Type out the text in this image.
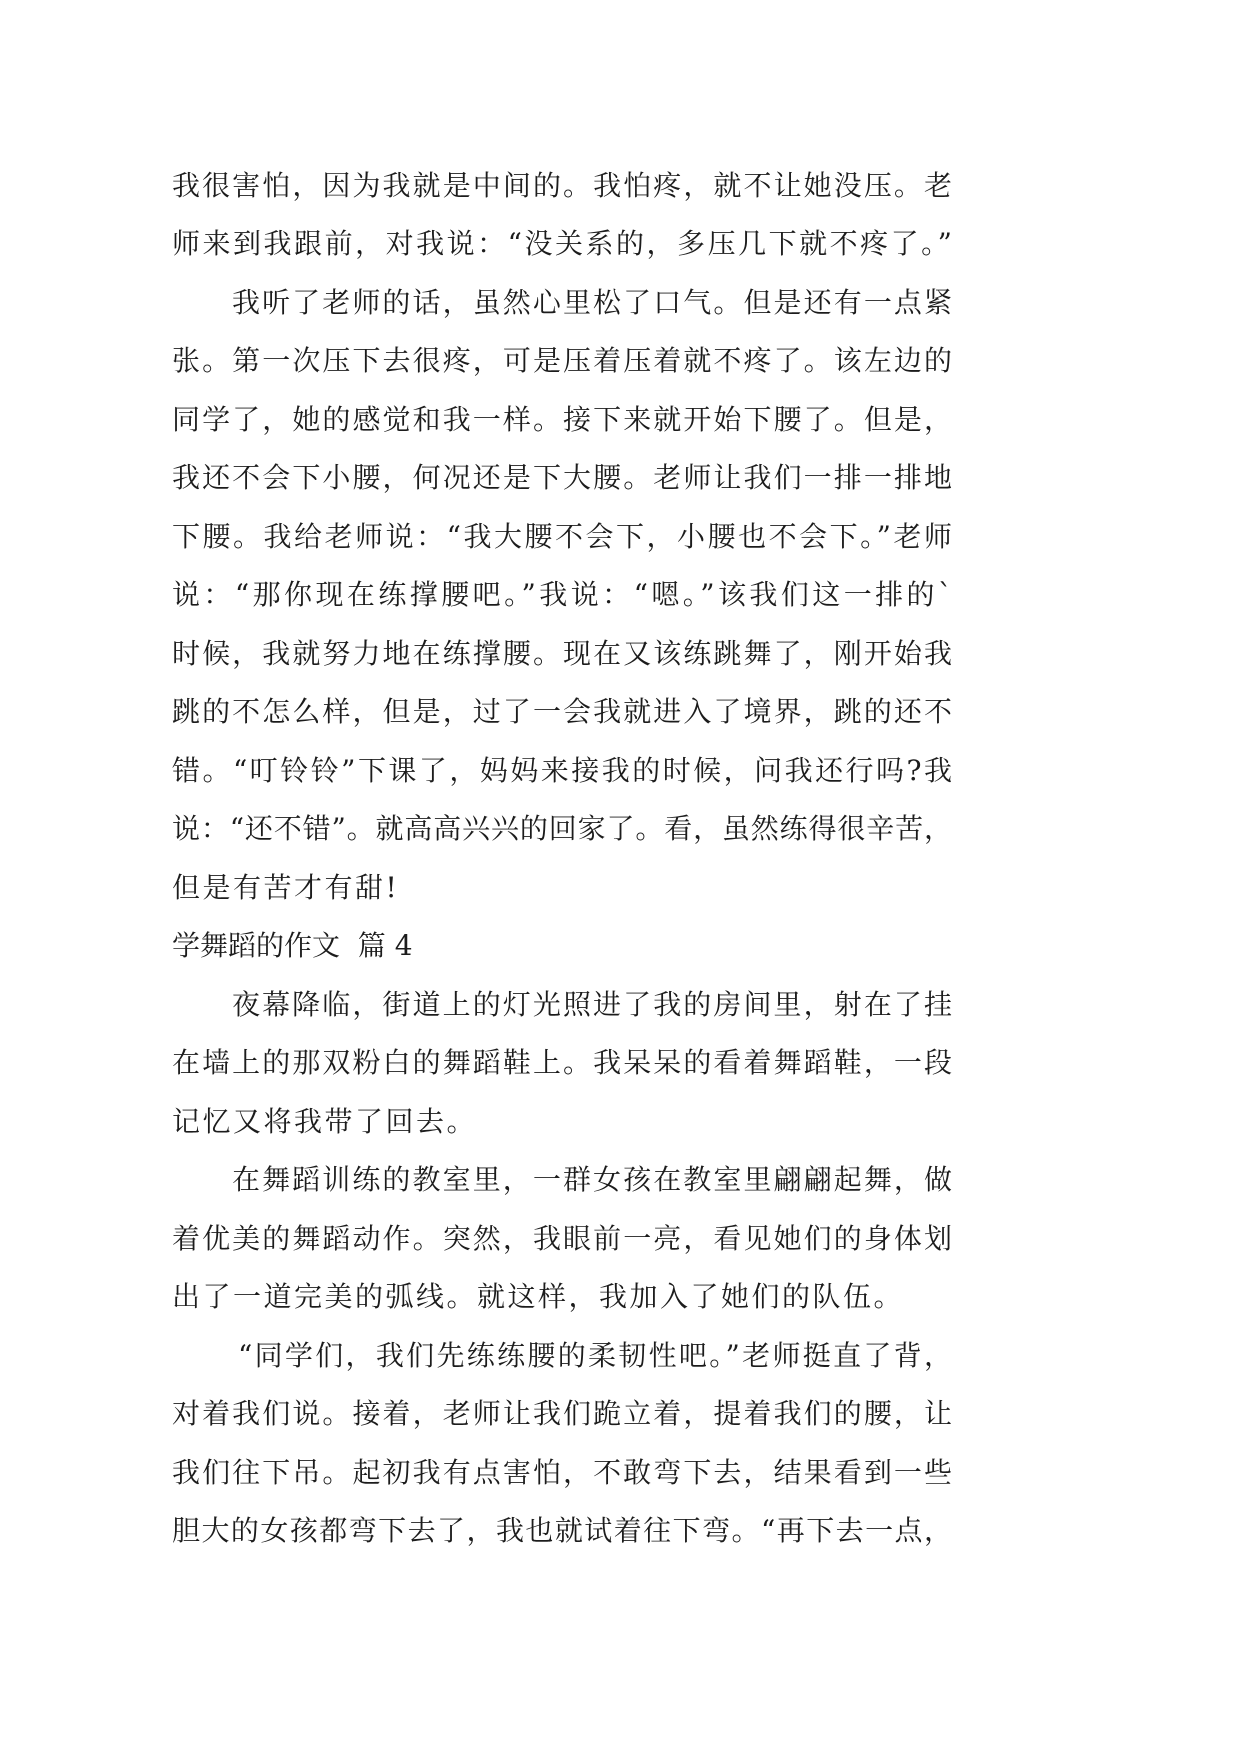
我很害怕，因为我就是中间的。我怕疼，就不让她没压。老
师来到我跟前，对我说：“没关系的，多压几下就不疼了。”
我听了老师的话，虽然心里松了口气。但是还有一点紧
张。第一次压下去很疼，可是压着压着就不疼了。该左边的
同学了，她的感觉和我一样。接下来就开始下腰了。但是，
我还不会下小腰，何况还是下大腰。老师让我们一排一排地
下腰。我给老师说：“我大腰不会下，小腰也不会下。”老师
说：“那你现在练撑腰吧。”我说：“嗯。”该我们这一排的`
时候，我就努力地在练撑腰。现在又该练跳舞了，刚开始我
跳的不怎么样，但是，过了一会我就进入了境界，跳的还不
错。“叮铃铃”下课了，妈妈来接我的时候，问我还行吗?我
说：“还不错”。就高高兴兴的回家了。看，虽然练得很辛苦，
但是有苦才有甜!
学舞蹈的作文  篇 4
夜幕降临，街道上的灯光照进了我的房间里，射在了挂
在墙上的那双粉白的舞蹈鞋上。我呆呆的看着舞蹈鞋，一段
记忆又将我带了回去。
在舞蹈训练的教室里，一群女孩在教室里翩翩起舞，做
着优美的舞蹈动作。突然，我眼前一亮，看见她们的身体划
出了一道完美的弧线。就这样，我加入了她们的队伍。
“同学们，我们先练练腰的柔韧性吧。”老师挺直了背，
对着我们说。接着，老师让我们跪立着，提着我们的腰，让
我们往下吊。起初我有点害怕，不敢弯下去，结果看到一些
胆大的女孩都弯下去了，我也就试着往下弯。“再下去一点，
